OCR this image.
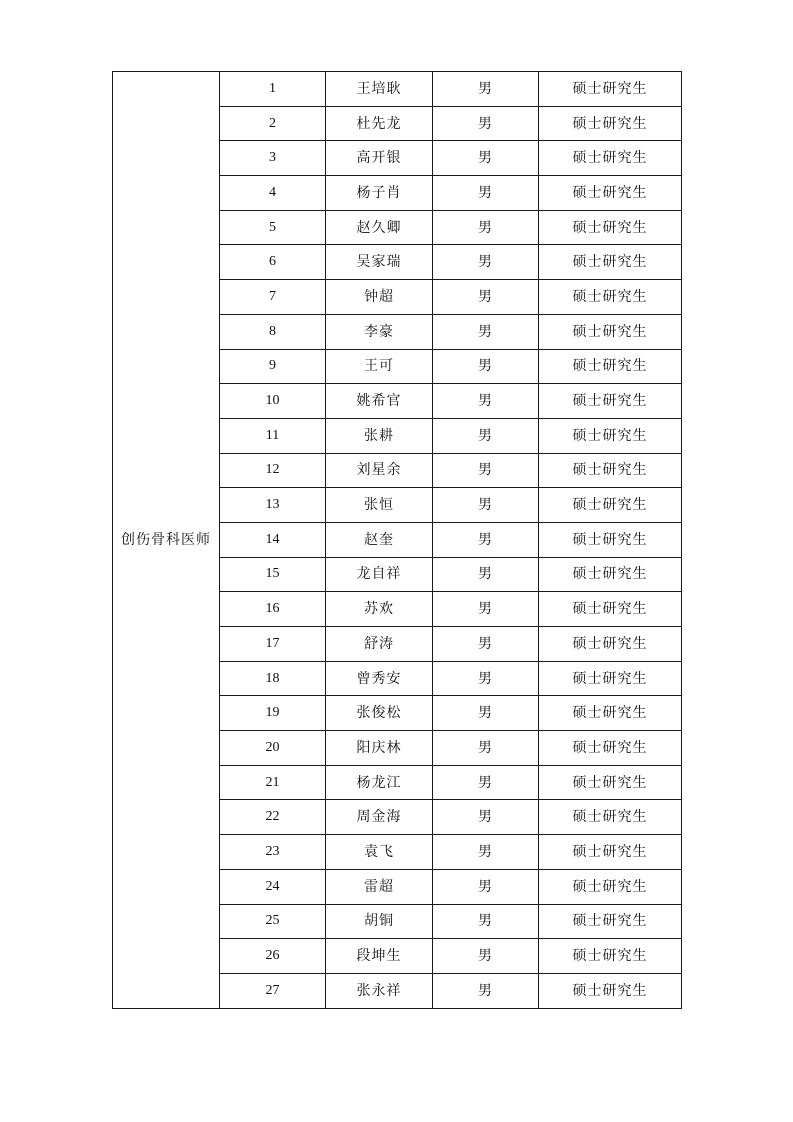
创伤骨科医师	1	王培耿	男	硕士研究生
	2	杜先龙	男	硕士研究生
	3	高开银	男	硕士研究生
	4	杨子肖	男	硕士研究生
	5	赵久卿	男	硕士研究生
	6	吴家瑞	男	硕士研究生
	7	钟超	男	硕士研究生
	8	李豪	男	硕士研究生
	9	王可	男	硕士研究生
	10	姚希官	男	硕士研究生
	11	张耕	男	硕士研究生
	12	刘星余	男	硕士研究生
	13	张恒	男	硕士研究生
	14	赵奎	男	硕士研究生
	15	龙自祥	男	硕士研究生
	16	苏欢	男	硕士研究生
	17	舒涛	男	硕士研究生
	18	曾秀安	男	硕士研究生
	19	张俊松	男	硕士研究生
	20	阳庆林	男	硕士研究生
	21	杨龙江	男	硕士研究生
	22	周金海	男	硕士研究生
	23	袁飞	男	硕士研究生
	24	雷超	男	硕士研究生
	25	胡铜	男	硕士研究生
	26	段坤生	男	硕士研究生
	27	张永祥	男	硕士研究生
